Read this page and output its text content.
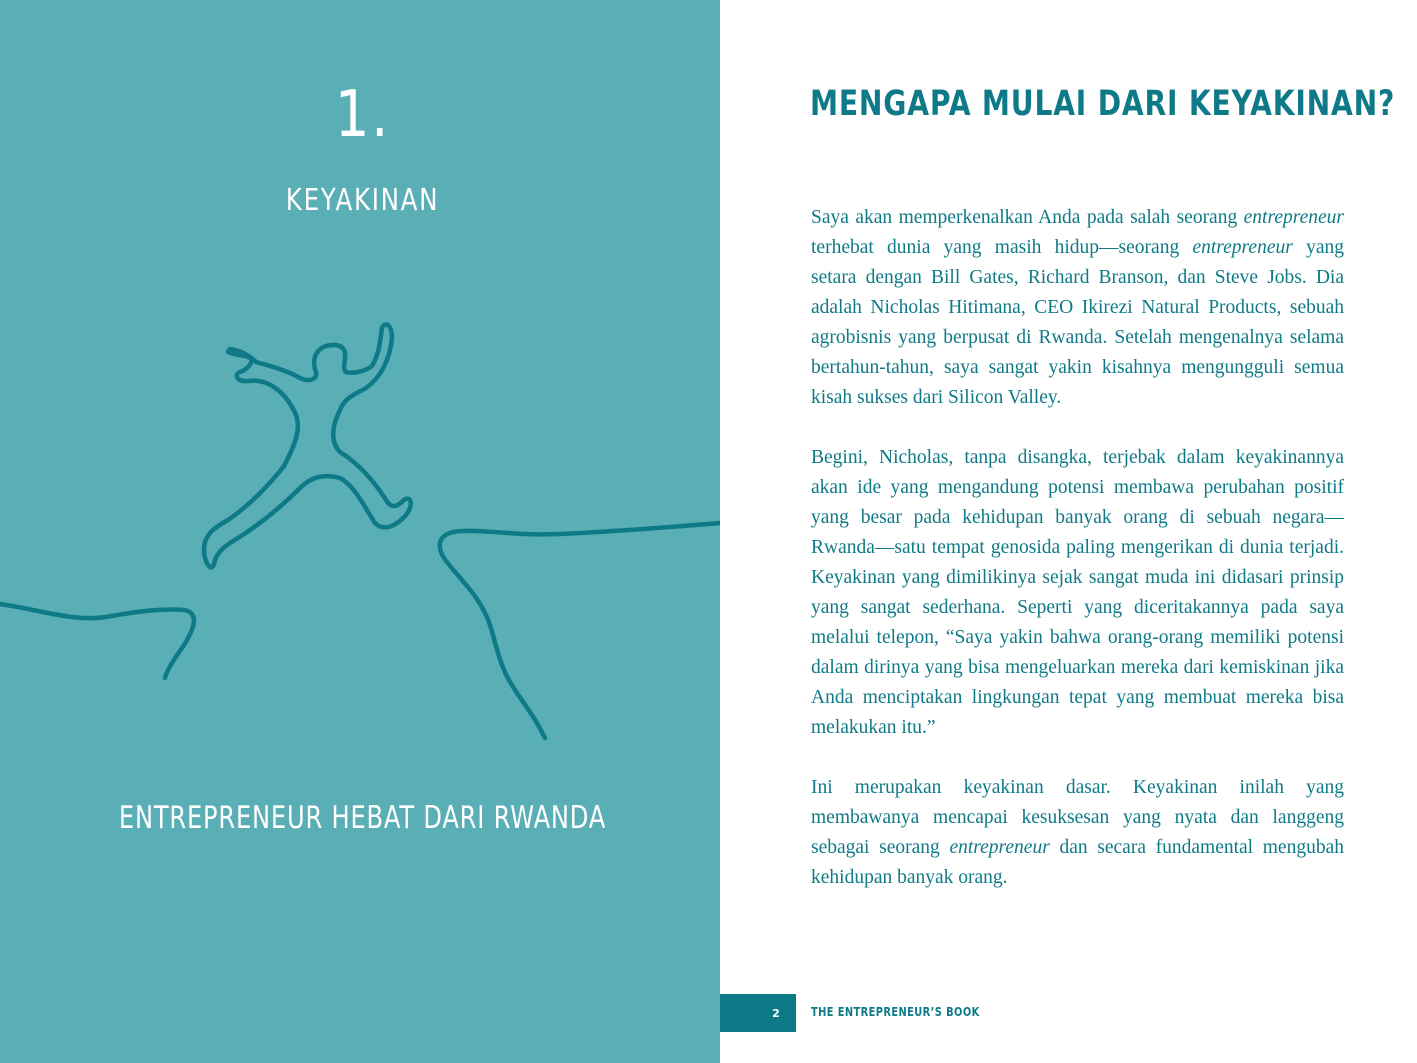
1.
KEYAKINAN
ENTREPRENEUR HEBAT DARI RWANDA
MENGAPA MULAI DARI KEYAKINAN?

Saya akan memperkenalkan Anda pada salah seorang entrepreneur terhebat dunia yang masih hidup—seorang entrepreneur yang setara dengan Bill Gates, Richard Branson, dan Steve Jobs. Dia adalah Nicholas Hitimana, CEO Ikirezi Natural Products, sebuah agrobisnis yang berpusat di Rwanda. Setelah mengenalnya selama bertahun-tahun, saya sangat yakin kisahnya mengungguli semua kisah sukses dari Silicon Valley.

Begini, Nicholas, tanpa disangka, terjebak dalam keyakinannya akan ide yang mengandung potensi membawa perubahan positif yang besar pada kehidupan banyak orang di sebuah negara—Rwanda—satu tempat genosida paling mengerikan di dunia terjadi. Keyakinan yang dimilikinya sejak sangat muda ini didasari prinsip yang sangat sederhana. Seperti yang diceritakannya pada saya melalui telepon, “Saya yakin bahwa orang-orang memiliki potensi dalam dirinya yang bisa mengeluarkan mereka dari kemiskinan jika Anda menciptakan lingkungan tepat yang membuat mereka bisa melakukan itu.”

Ini merupakan keyakinan dasar. Keyakinan inilah yang membawanya mencapai kesuksesan yang nyata dan langgeng sebagai seorang entrepreneur dan secara fundamental mengubah kehidupan banyak orang.

2	THE ENTREPRENEUR’S BOOK
